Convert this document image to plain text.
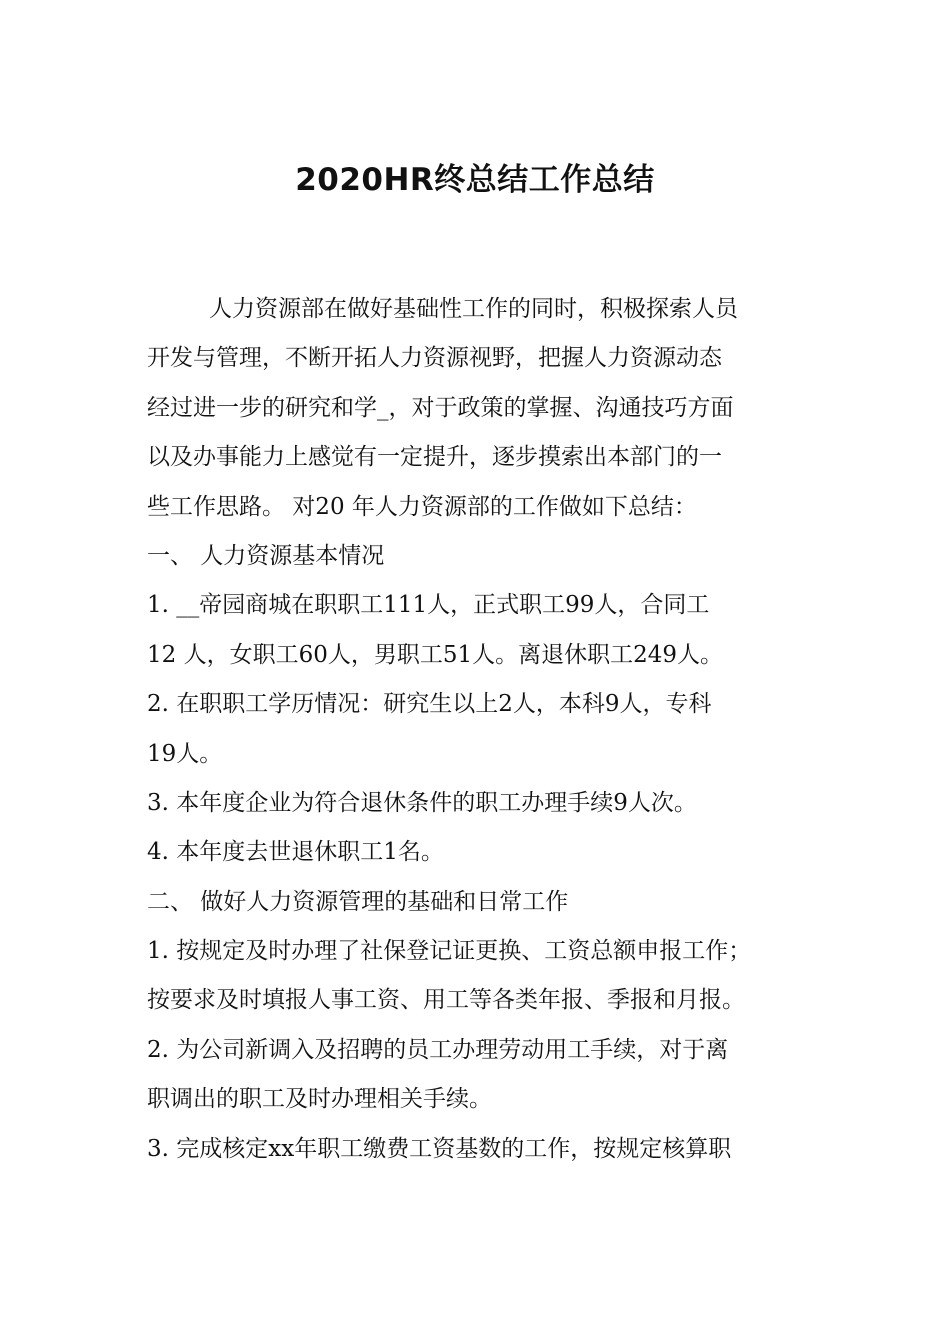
2020HR终总结工作总结
人力资源部在做好基础性工作的同时，积极探索人员
开发与管理，不断开拓人力资源视野，把握人力资源动态
经过进一步的研究和学_，对于政策的掌握、沟通技巧方面
以及办事能力上感觉有一定提升，逐步摸索出本部门的一
些工作思路。 对20 年人力资源部的工作做如下总结：
一、 人力资源基本情况
1. __帝园商城在职职工111人，正式职工99人，合同工
12 人，女职工60人，男职工51人。离退休职工249人。
2. 在职职工学历情况：研究生以上2人，本科9人，专科
19人。
3. 本年度企业为符合退休条件的职工办理手续9人次。
4. 本年度去世退休职工1名。
二、 做好人力资源管理的基础和日常工作
1. 按规定及时办理了社保登记证更换、工资总额申报工作；
按要求及时填报人事工资、用工等各类年报、季报和月报。
2. 为公司新调入及招聘的员工办理劳动用工手续，对于离
职调出的职工及时办理相关手续。
3. 完成核定xx年职工缴费工资基数的工作，按规定核算职
